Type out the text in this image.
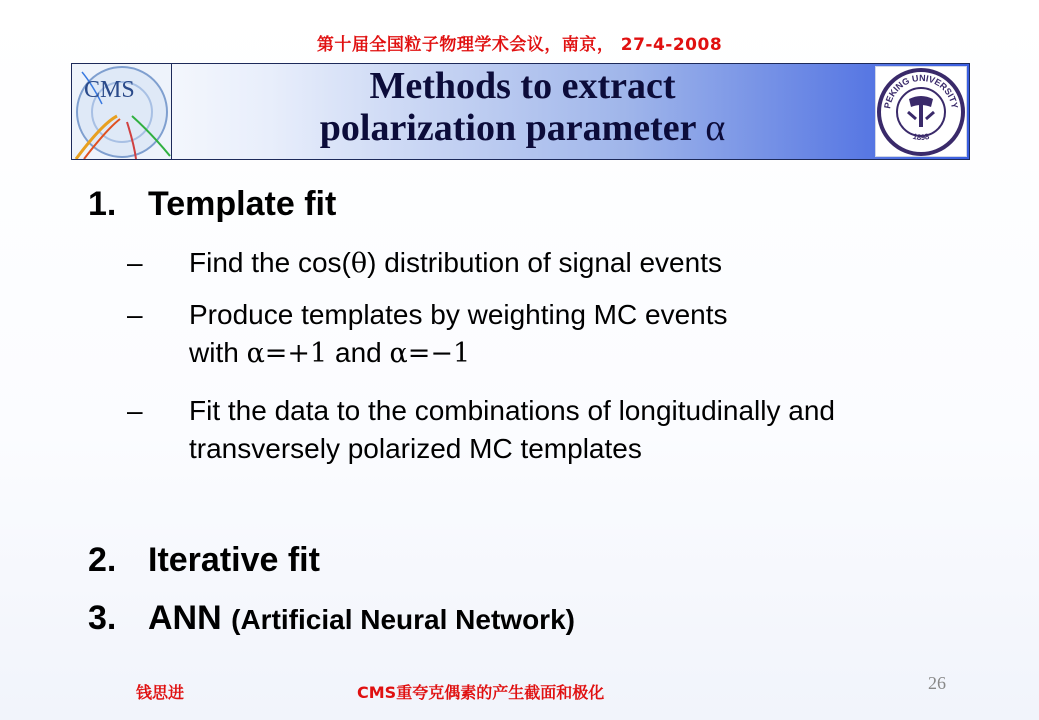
第十届全国粒子物理学术会议，南京， 27-4-2008
CMS	Methods to extract
polarization parameter α
PEKING UNIVERSITY
1898
1. Template fit
– Find the cos(θ) distribution of signal events
– Produce templates by weighting MC events
with α=+1 and α=−1
– Fit the data to the combinations of longitudinally and transversely polarized MC templates
2. Iterative fit
3. ANN (Artificial Neural Network)
钱思进	CMS重夸克偶素的产生截面和极化	26
